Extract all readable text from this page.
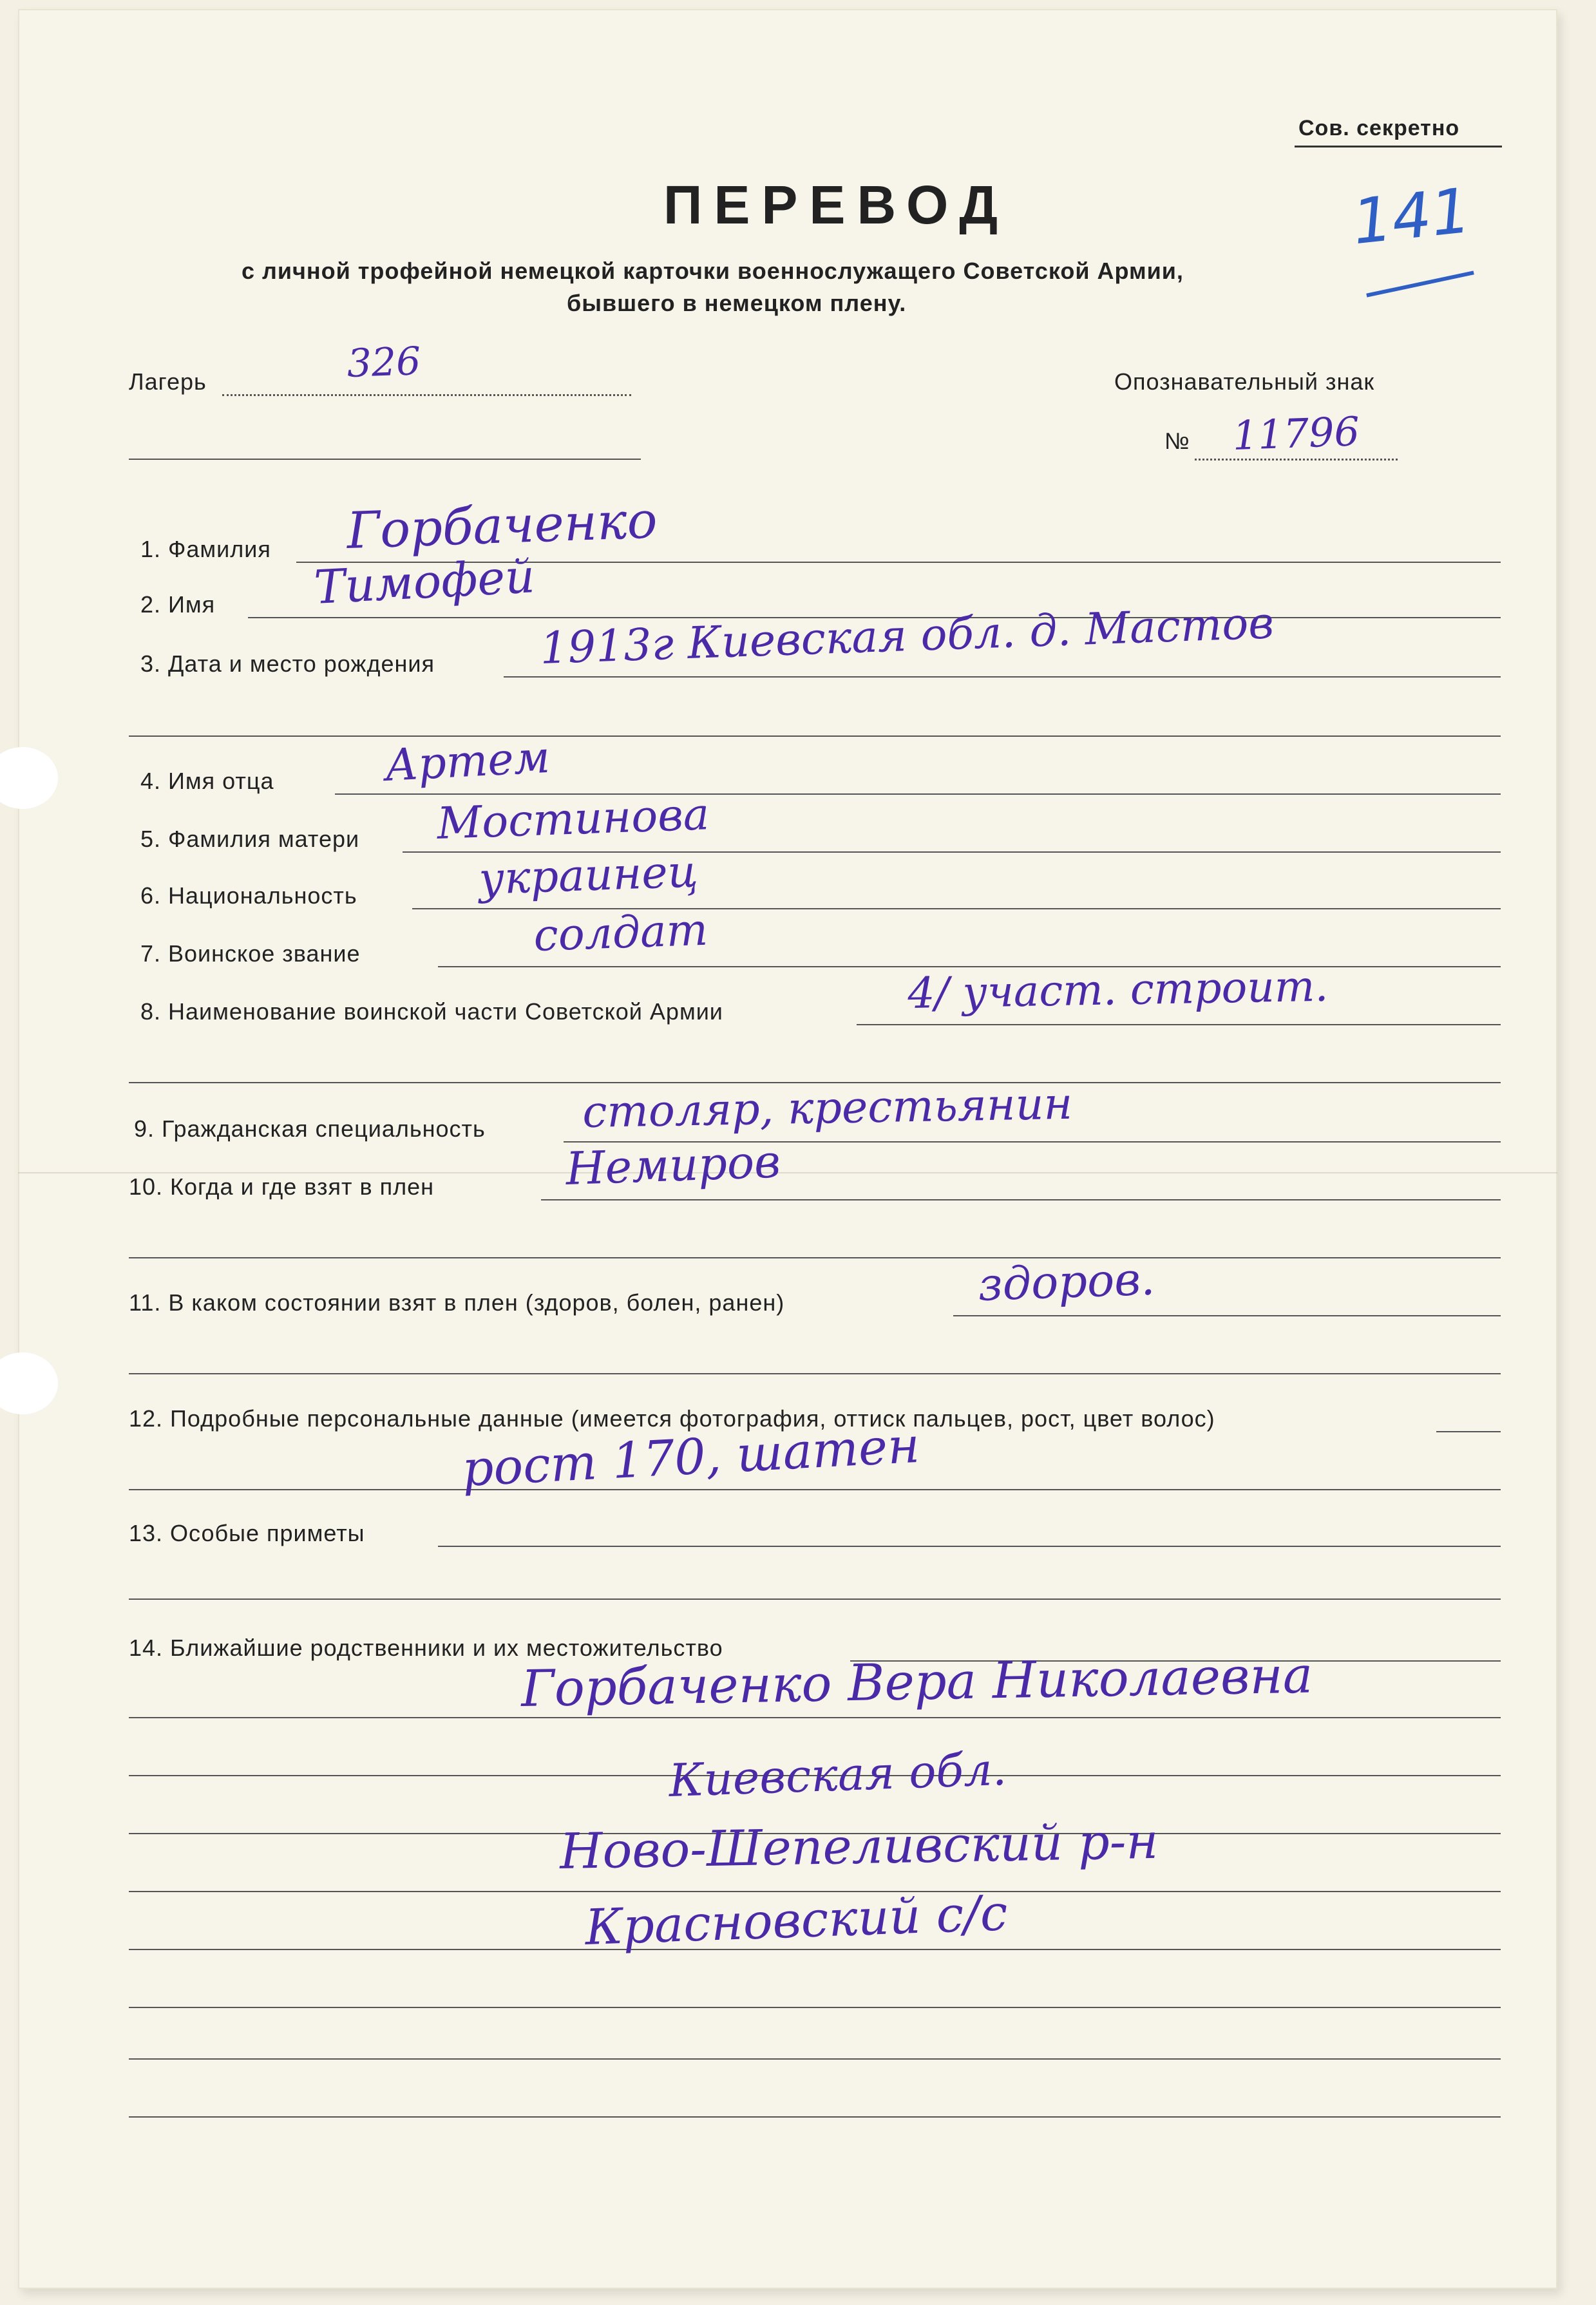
Сов. секретно
ПЕРЕВОД
с личной трофейной немецкой карточки военнослужащего Советской Армии,
бывшего в немецком плену.
141
Лагерь	326	Опознавательный знак
№ 11796
1. Фамилия Горбаченко
2. Имя Тимофей
3. Дата и место рождения 1913г Киевская обл. д. Мастов
4. Имя отца	Артем
5. Фамилия матери Мостинова
6. Национальность	украинец
7. Воинское звание	солдат
8. Наименование воинской части Советской Армии	4/ участ. строит.
9. Гражданская специальность столяр, крестьянин
10. Когда и где взят в плен	Немиров
11. В каком состоянии взят в плен (здоров, болен, ранен)	здоров.
12. Подробные персональные данные (имеется фотография, оттиск пальцев, рост, цвет волос)
рост 170, шатен
13. Особые приметы
14. Ближайшие родственники и их местожительство
Горбаченко Вера Николаевна
Киевская обл.
Ново-Шепеливский р-н
Красновский с/с
